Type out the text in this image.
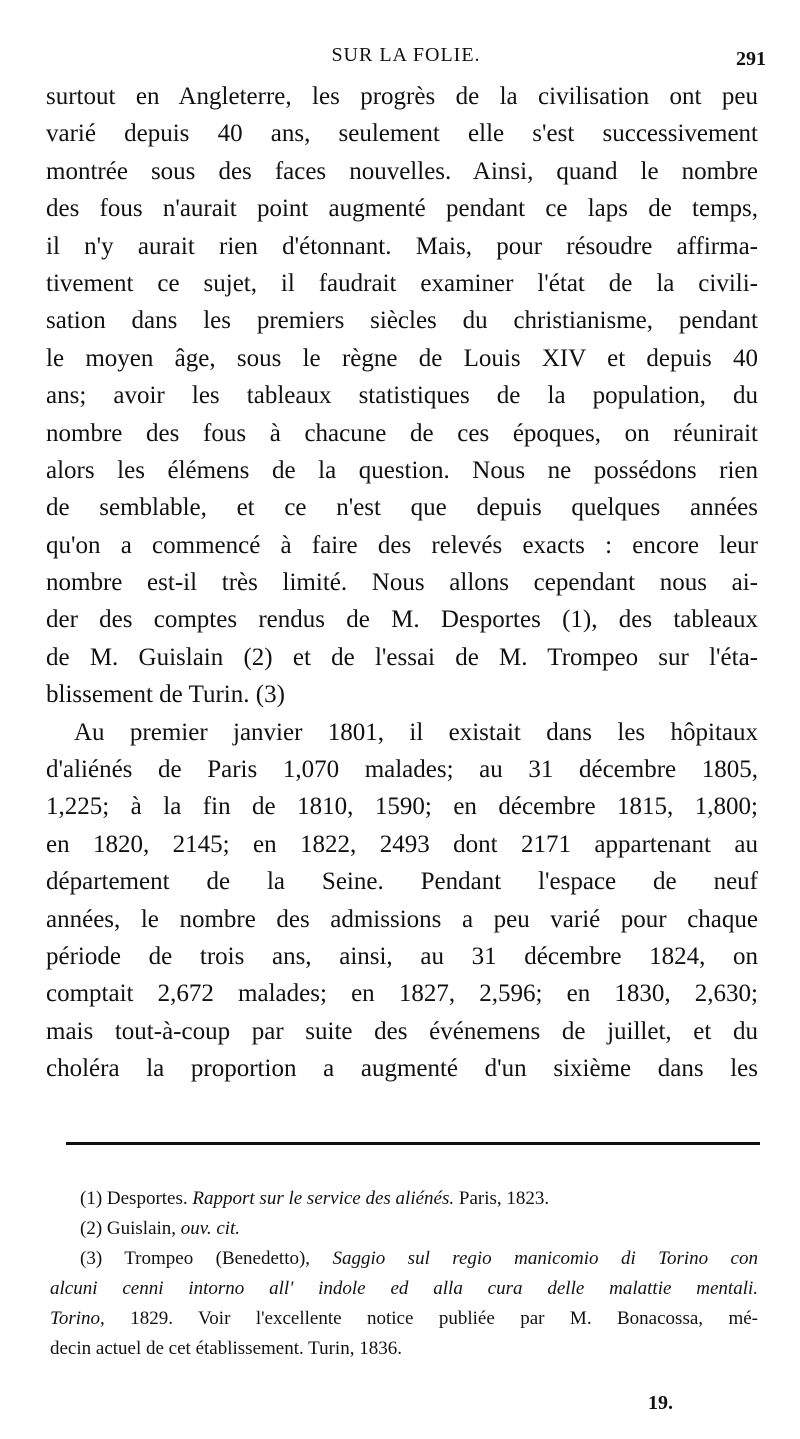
SUR LA FOLIE.	291
surtout en Angleterre, les progrès de la civilisation ont peu
varié depuis 40 ans, seulement elle s'est successivement
montrée sous des faces nouvelles. Ainsi, quand le nombre
des fous n'aurait point augmenté pendant ce laps de temps,
il n'y aurait rien d'étonnant. Mais, pour résoudre affirma-
tivement ce sujet, il faudrait examiner l'état de la civili-
sation dans les premiers siècles du christianisme, pendant
le moyen âge, sous le règne de Louis XIV et depuis 40
ans; avoir les tableaux statistiques de la population, du
nombre des fous à chacune de ces époques, on réunirait
alors les élémens de la question. Nous ne possédons rien
de semblable, et ce n'est que depuis quelques années
qu'on a commencé à faire des relevés exacts : encore leur
nombre est-il très limité. Nous allons cependant nous ai-
der des comptes rendus de M. Desportes (1), des tableaux
de M. Guislain (2) et de l'essai de M. Trompeo sur l'éta-
blissement de Turin. (3)
Au premier janvier 1801, il existait dans les hôpitaux
d'aliénés de Paris 1,070 malades; au 31 décembre 1805,
1,225; à la fin de 1810, 1590; en décembre 1815, 1,800;
en 1820, 2145; en 1822, 2493 dont 2171 appartenant au
département de la Seine. Pendant l'espace de neuf
années, le nombre des admissions a peu varié pour chaque
période de trois ans, ainsi, au 31 décembre 1824, on
comptait 2,672 malades; en 1827, 2,596; en 1830, 2,630;
mais tout-à-coup par suite des événemens de juillet, et du
choléra la proportion a augmenté d'un sixième dans les
(1) Desportes. Rapport sur le service des aliénés. Paris, 1823.
(2) Guislain, ouv. cit.
(3) Trompeo (Benedetto), Saggio sul regio manicomio di Torino con
alcuni cenni intorno all' indole ed alla cura delle malattie mentali.
Torino, 1829. Voir l'excellente notice publiée par M. Bonacossa, mé-
decin actuel de cet établissement. Turin, 1836.
19.
